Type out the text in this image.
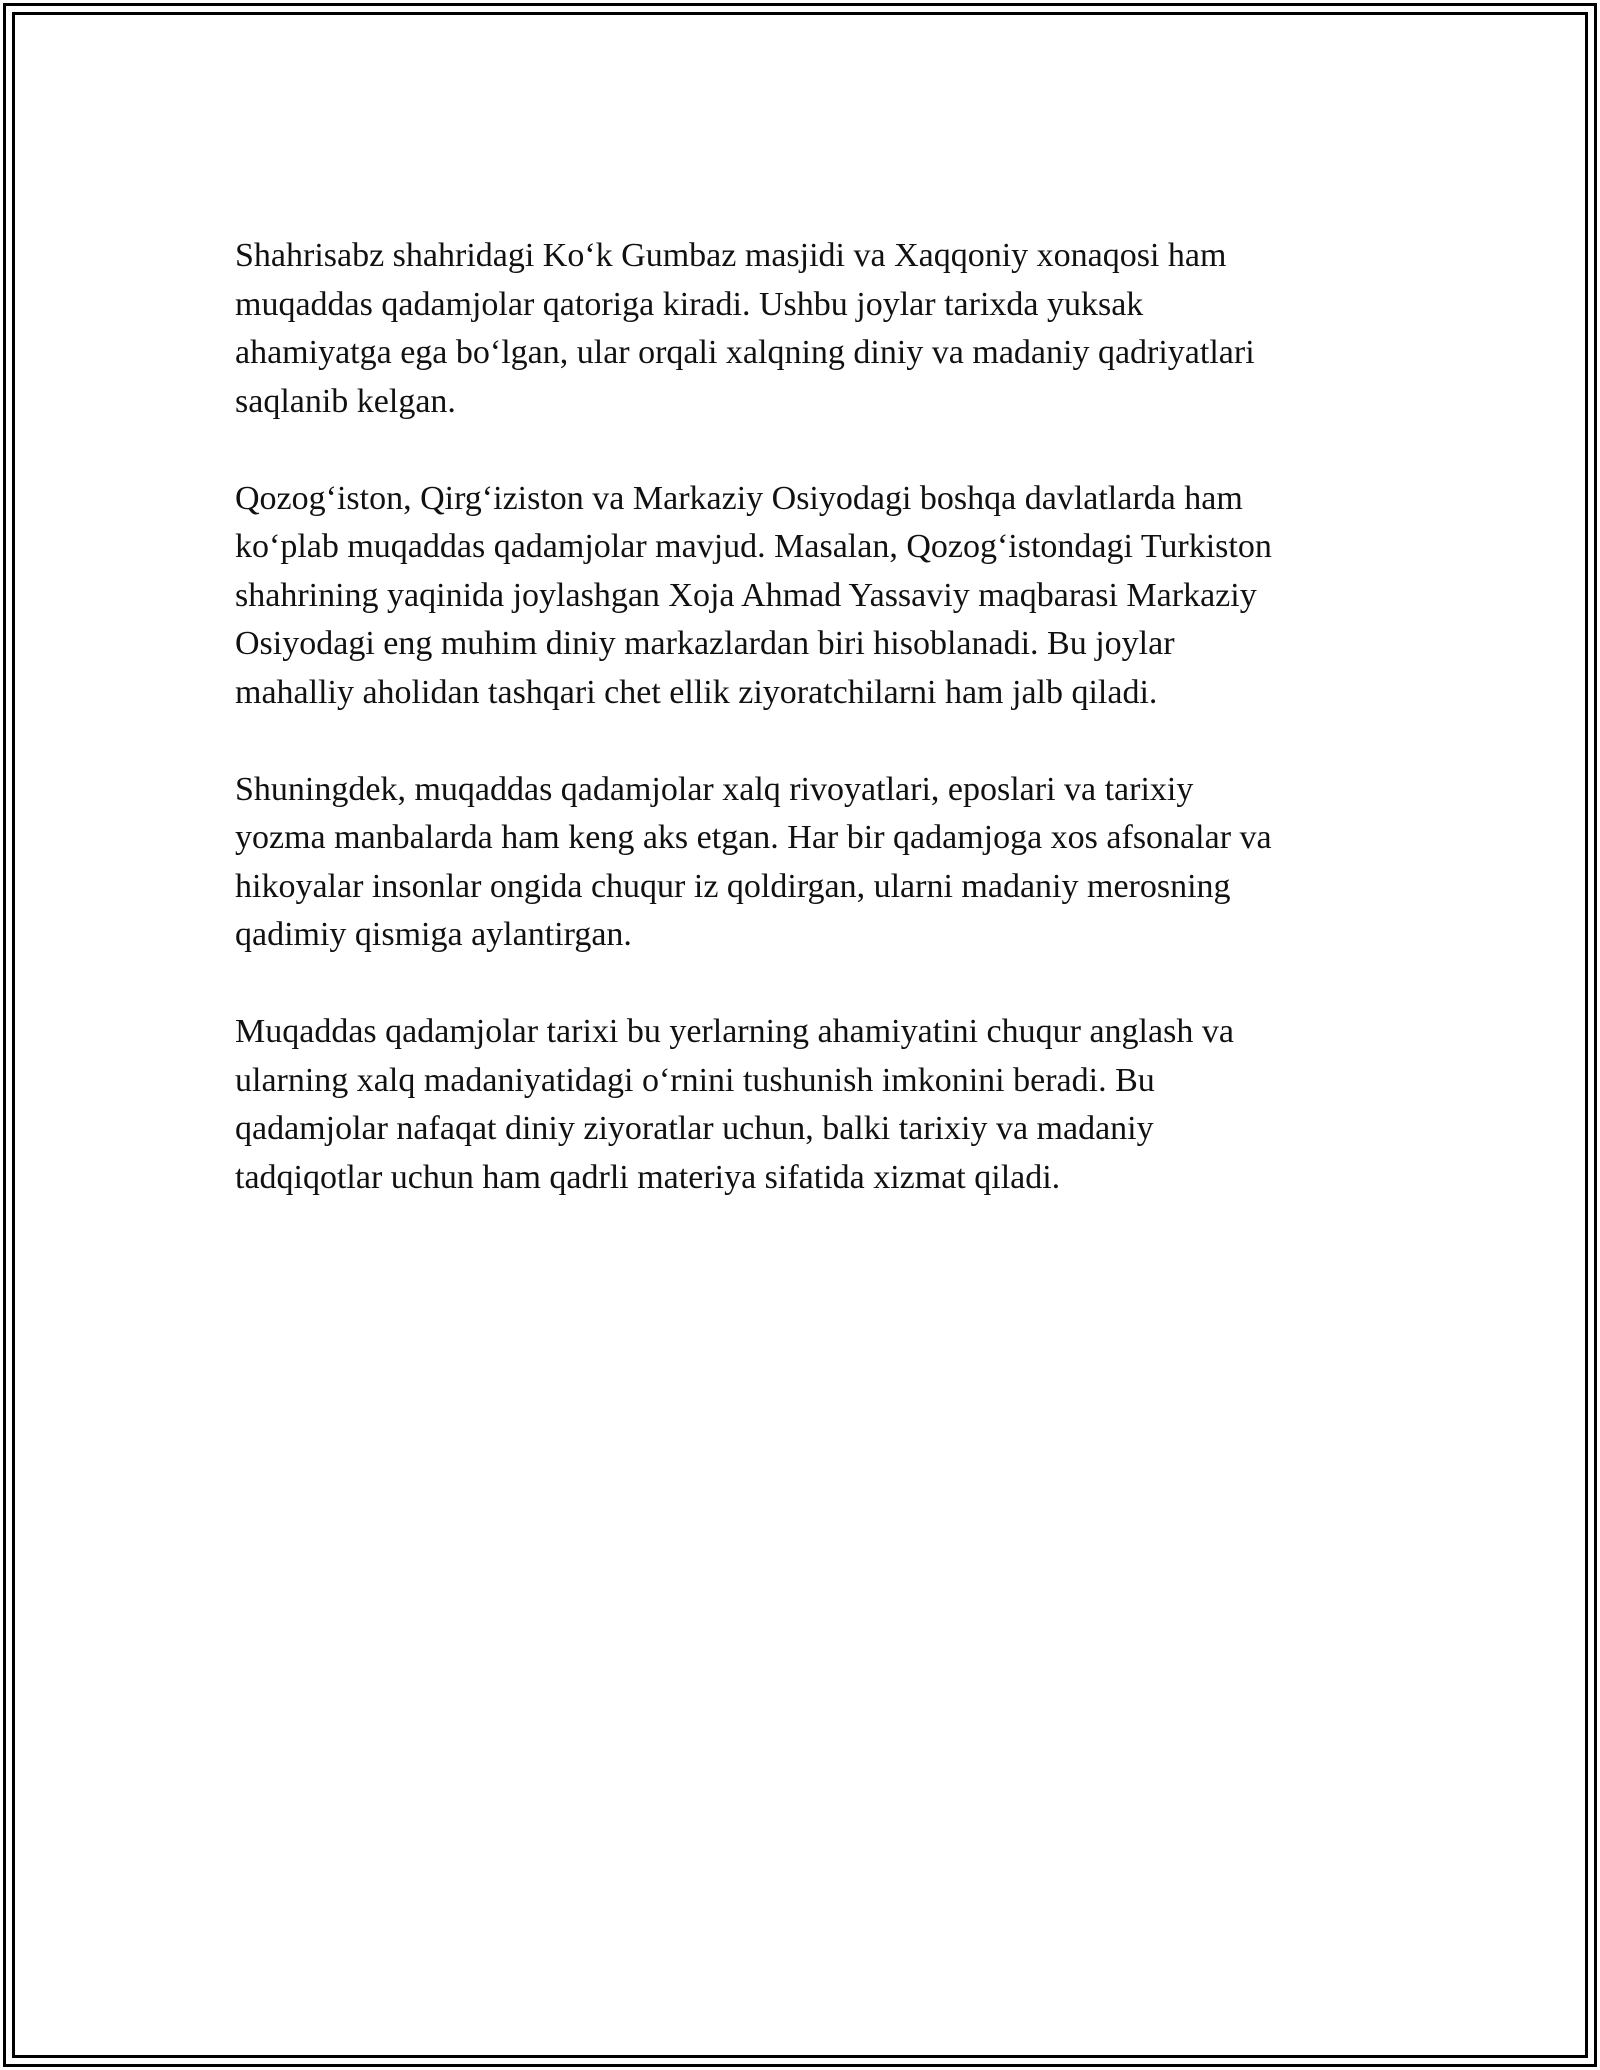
Shahrisabz shahridagi Ko‘k Gumbaz masjidi va Xaqqoniy xonaqosi ham
muqaddas qadamjolar qatoriga kiradi. Ushbu joylar tarixda yuksak
ahamiyatga ega bo‘lgan, ular orqali xalqning diniy va madaniy qadriyatlari
saqlanib kelgan.

Qozog‘iston, Qirg‘iziston va Markaziy Osiyodagi boshqa davlatlarda ham
ko‘plab muqaddas qadamjolar mavjud. Masalan, Qozog‘istondagi Turkiston
shahrining yaqinida joylashgan Xoja Ahmad Yassaviy maqbarasi Markaziy
Osiyodagi eng muhim diniy markazlardan biri hisoblanadi. Bu joylar
mahalliy aholidan tashqari chet ellik ziyoratchilarni ham jalb qiladi.

Shuningdek, muqaddas qadamjolar xalq rivoyatlari, eposlari va tarixiy
yozma manbalarda ham keng aks etgan. Har bir qadamjoga xos afsonalar va
hikoyalar insonlar ongida chuqur iz qoldirgan, ularni madaniy merosning
qadimiy qismiga aylantirgan.

Muqaddas qadamjolar tarixi bu yerlarning ahamiyatini chuqur anglash va
ularning xalq madaniyatidagi o‘rnini tushunish imkonini beradi. Bu
qadamjolar nafaqat diniy ziyoratlar uchun, balki tarixiy va madaniy
tadqiqotlar uchun ham qadrli materiya sifatida xizmat qiladi.
